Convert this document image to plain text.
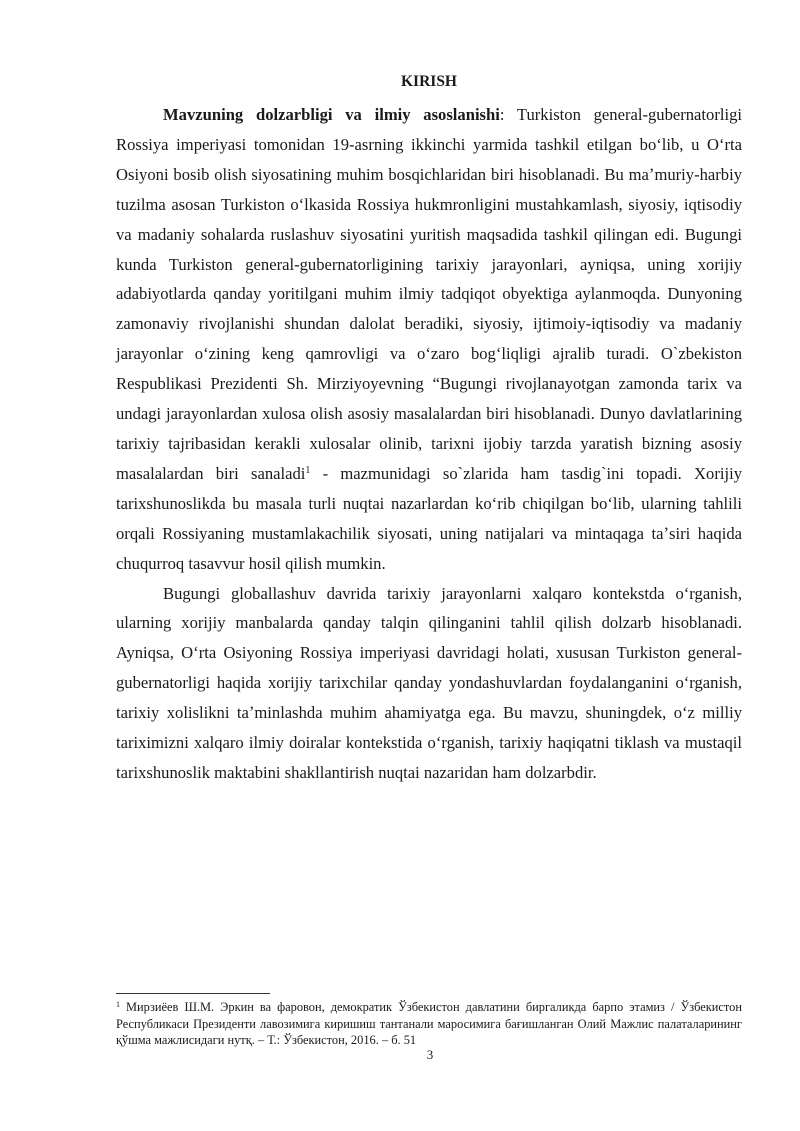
KIRISH

Mavzuning dolzarbligi va ilmiy asoslanishi: Turkiston general-gubernatorligi Rossiya imperiyasi tomonidan 19-asrning ikkinchi yarmida tashkil etilgan boʻlib, u Oʻrta Osiyoni bosib olish siyosatining muhim bosqichlaridan biri hisoblanadi. Bu maʼmuriy-harbiy tuzilma asosan Turkiston oʻlkasida Rossiya hukmronligini mustahkamlash, siyosiy, iqtisodiy va madaniy sohalarda ruslashuv siyosatini yuritish maqsadida tashkil qilingan edi. Bugungi kunda Turkiston general-gubernatorligining tarixiy jarayonlari, ayniqsa, uning xorijiy adabiyotlarda qanday yoritilgani muhim ilmiy tadqiqot obyektiga aylanmoqda. Dunyoning zamonaviy rivojlanishi shundan dalolat beradiki, siyosiy, ijtimoiy-iqtisodiy va madaniy jarayonlar oʻzining keng qamrovligi va oʻzaro bogʻliqligi ajralib turadi. O`zbekiston Respublikasi Prezidenti Sh. Mirziyoyevning “Bugungi rivojlanayotgan zamonda tarix va undagi jarayonlardan xulosa olish asosiy masalalardan biri hisoblanadi. Dunyo davlatlarining tarixiy tajribasidan kerakli xulosalar olinib, tarixni ijobiy tarzda yaratish bizning asosiy masalalardan biri sanaladi$^1$ - mazmunidagi so`zlarida ham tasdig`ini topadi. Xorijiy tarixshunoslikda bu masala turli nuqtai nazarlardan koʻrib chiqilgan boʻlib, ularning tahlili orqali Rossiyaning mustamlakachilik siyosati, uning natijalari va mintaqaga taʼsiri haqida chuqurroq tasavvur hosil qilish mumkin.

Bugungi globallashuv davrida tarixiy jarayonlarni xalqaro kontekstda oʻrganish, ularning xorijiy manbalarda qanday talqin qilinganini tahlil qilish dolzarb hisoblanadi. Ayniqsa, Oʻrta Osiyoning Rossiya imperiyasi davridagi holati, xususan Turkiston general-gubernatorligi haqida xorijiy tarixchilar qanday yondashuvlardan foydalanganini oʻrganish, tarixiy xolislikni taʼminlashda muhim ahamiyatga ega. Bu mavzu, shuningdek, oʻz milliy tariximizni xalqaro ilmiy doiralar kontekstida oʻrganish, tarixiy haqiqatni tiklash va mustaqil tarixshunoslik maktabini shakllantirish nuqtai nazaridan ham dolzarbdir.

$^1$ Мирзиёев Ш.М. Эркин ва фаровон, демократик Ўзбекистон давлатини биргаликда барпо этамиз / Ўзбекистон Республикаси Президенти лавозимига киришиш тантанали маросимига бағишланган Олий Мажлис палаталарининг қўшма мажлисидаги нутқ. – Т.: Ўзбекистон, 2016. – б. 51

3
